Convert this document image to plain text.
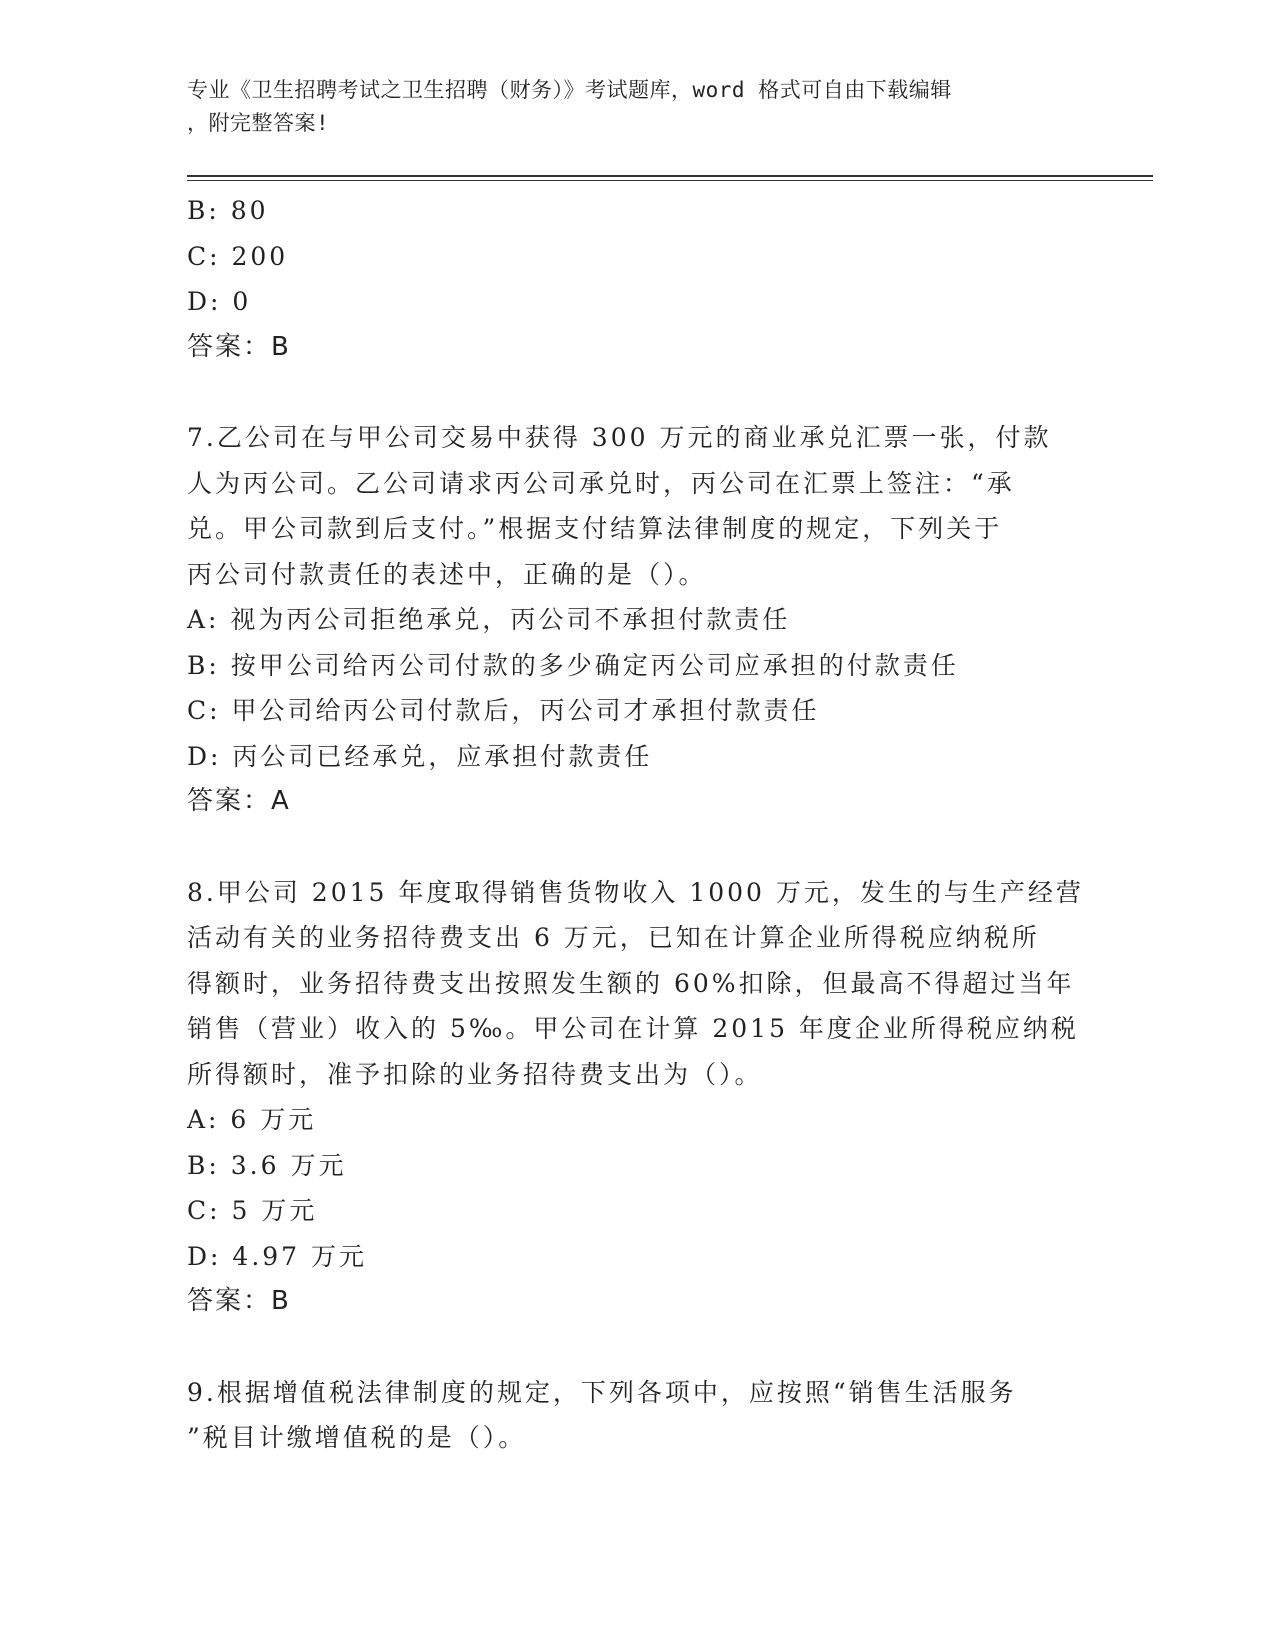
专业《卫生招聘考试之卫生招聘（财务）》考试题库，word 格式可自由下载编辑
，附完整答案!
B: 80
C: 200
D: 0
答案：B
7.乙公司在与甲公司交易中获得 300 万元的商业承兑汇票一张，付款
人为丙公司。乙公司请求丙公司承兑时，丙公司在汇票上签注：“承
兑。甲公司款到后支付。”根据支付结算法律制度的规定，下列关于
丙公司付款责任的表述中，正确的是（）。
A: 视为丙公司拒绝承兑，丙公司不承担付款责任
B: 按甲公司给丙公司付款的多少确定丙公司应承担的付款责任
C: 甲公司给丙公司付款后，丙公司才承担付款责任
D: 丙公司已经承兑，应承担付款责任
答案：A
8.甲公司 2015 年度取得销售货物收入 1000 万元，发生的与生产经营
活动有关的业务招待费支出 6 万元，已知在计算企业所得税应纳税所
得额时，业务招待费支出按照发生额的 60%扣除，但最高不得超过当年
销售（营业）收入的 5‰。甲公司在计算 2015 年度企业所得税应纳税
所得额时，准予扣除的业务招待费支出为（）。
A: 6 万元
B: 3.6 万元
C: 5 万元
D: 4.97 万元
答案：B
9.根据增值税法律制度的规定，下列各项中，应按照“销售生活服务
”税目计缴增值税的是（）。
